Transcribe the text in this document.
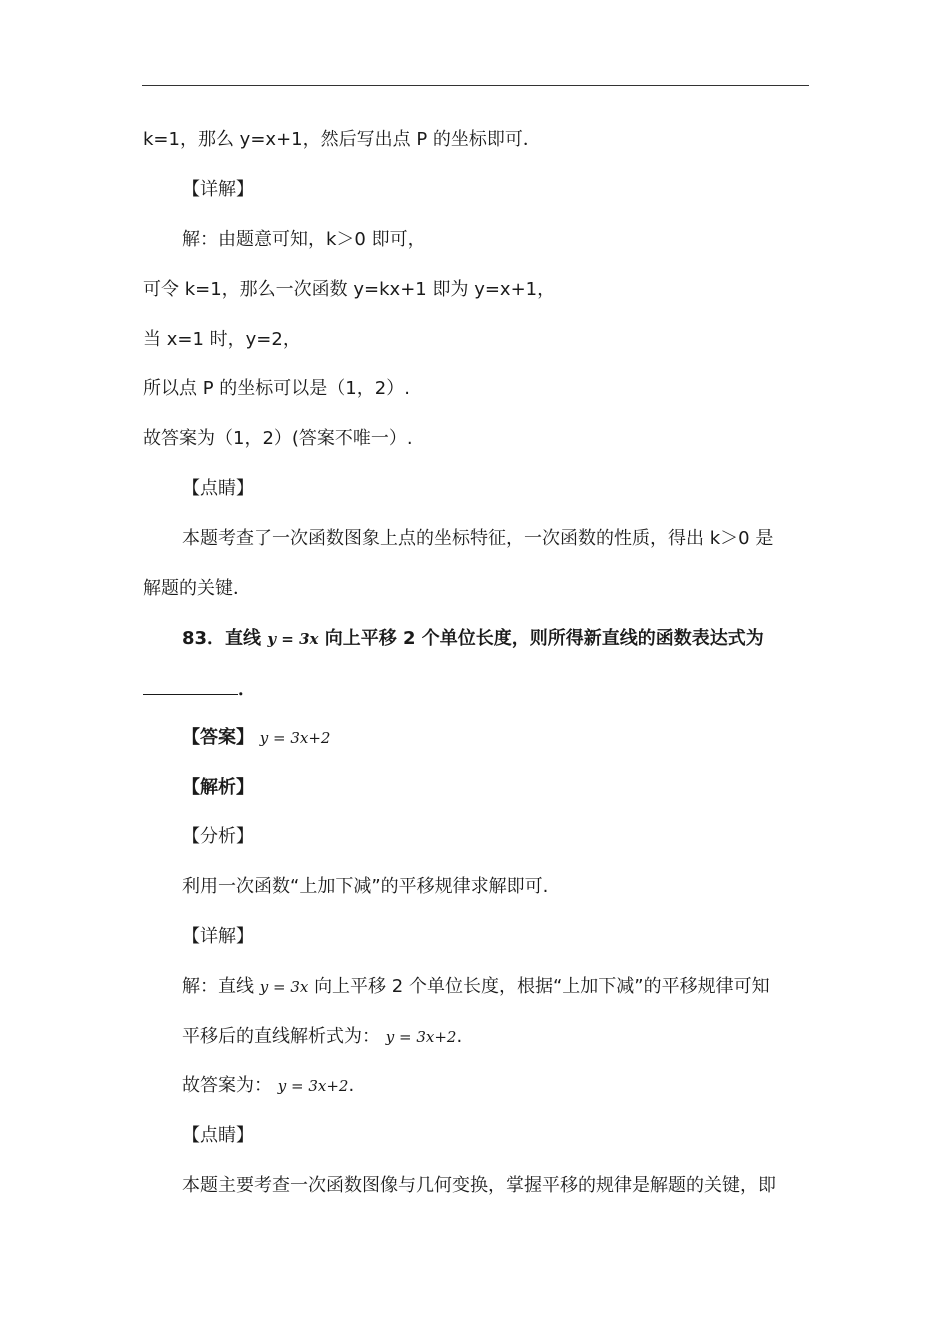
k=1，那么 y=x+1，然后写出点 P 的坐标即可．
【详解】
解：由题意可知，k＞0 即可，
可令 k=1，那么一次函数 y=kx+1 即为 y=x+1，
当 x=1 时，y=2，
所以点 P 的坐标可以是（1，2）.
故答案为（1，2）(答案不唯一）.
【点睛】
本题考查了一次函数图象上点的坐标特征，一次函数的性质，得出 k＞0 是
解题的关键．
83．直线 y = 3x 向上平移 2 个单位长度，则所得新直线的函数表达式为
．
【答案】 y = 3x+2
【解析】
【分析】
利用一次函数“上加下减”的平移规律求解即可.
【详解】
解：直线 y = 3x 向上平移 2 个单位长度，根据“上加下减”的平移规律可知
平移后的直线解析式为： y = 3x+2.
故答案为： y = 3x+2.
【点睛】
本题主要考查一次函数图像与几何变换，掌握平移的规律是解题的关键，即
